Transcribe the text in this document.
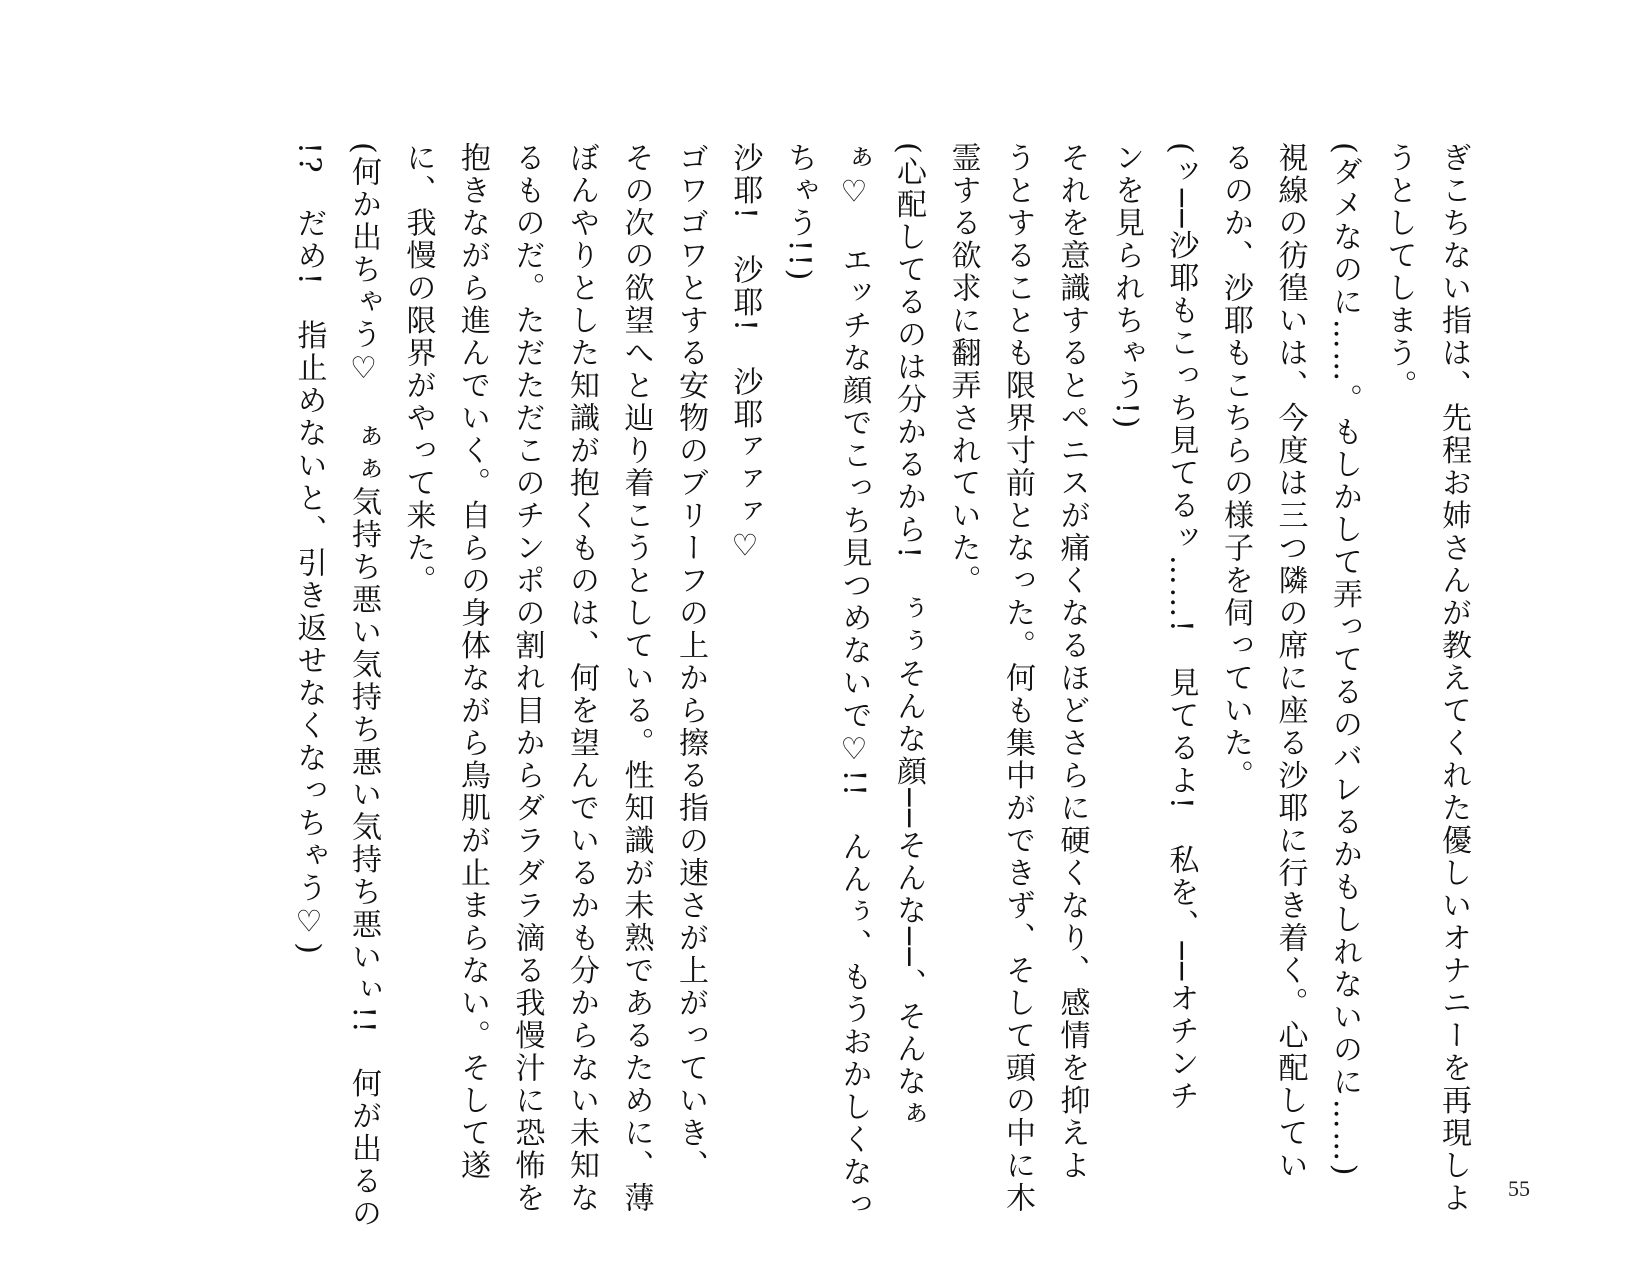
ぎこちない指は、先程お姉さんが教えてくれた優しいオナニーを再現しよ
うとしてしまう。
(ダメなのに……。もしかして弄ってるのバレるかもしれないのに……)
視線の彷徨いは、今度は三つ隣の席に座る沙耶に行き着く。心配してい
るのか、沙耶もこちらの様子を伺っていた。
(ッ──沙耶もこっち見てるッ……!　見てるよ!　私を、──オチンチ
ンを見られちゃう!)
それを意識するとペニスが痛くなるほどさらに硬くなり、感情を抑えよ
うとすることも限界寸前となった。何も集中ができず、そして頭の中に木
霊する欲求に翻弄されていた。
(心配してるのは分かるから!　ぅぅそんな顔──そんな──、そんなぁ
ぁ♡　エッチな顔でこっち見つめないで♡!!　んんぅ、もうおかしくなっ
ちゃう!!)
沙耶!　沙耶!　沙耶ァァァ♡
ゴワゴワとする安物のブリーフの上から擦る指の速さが上がっていき、
その次の欲望へと辿り着こうとしている。性知識が未熟であるために、薄
ぼんやりとした知識が抱くものは、何を望んでいるかも分からない未知な
るものだ。ただただこのチンポの割れ目からダラダラ滴る我慢汁に恐怖を
抱きながら進んでいく。自らの身体ながら鳥肌が止まらない。そして遂
に、我慢の限界がやって来た。
(何か出ちゃう♡　ぁぁ気持ち悪い気持ち悪い気持ち悪いぃ!!　何が出るの
!?　だめ!　指止めないと、引き返せなくなっちゃう♡)
55
